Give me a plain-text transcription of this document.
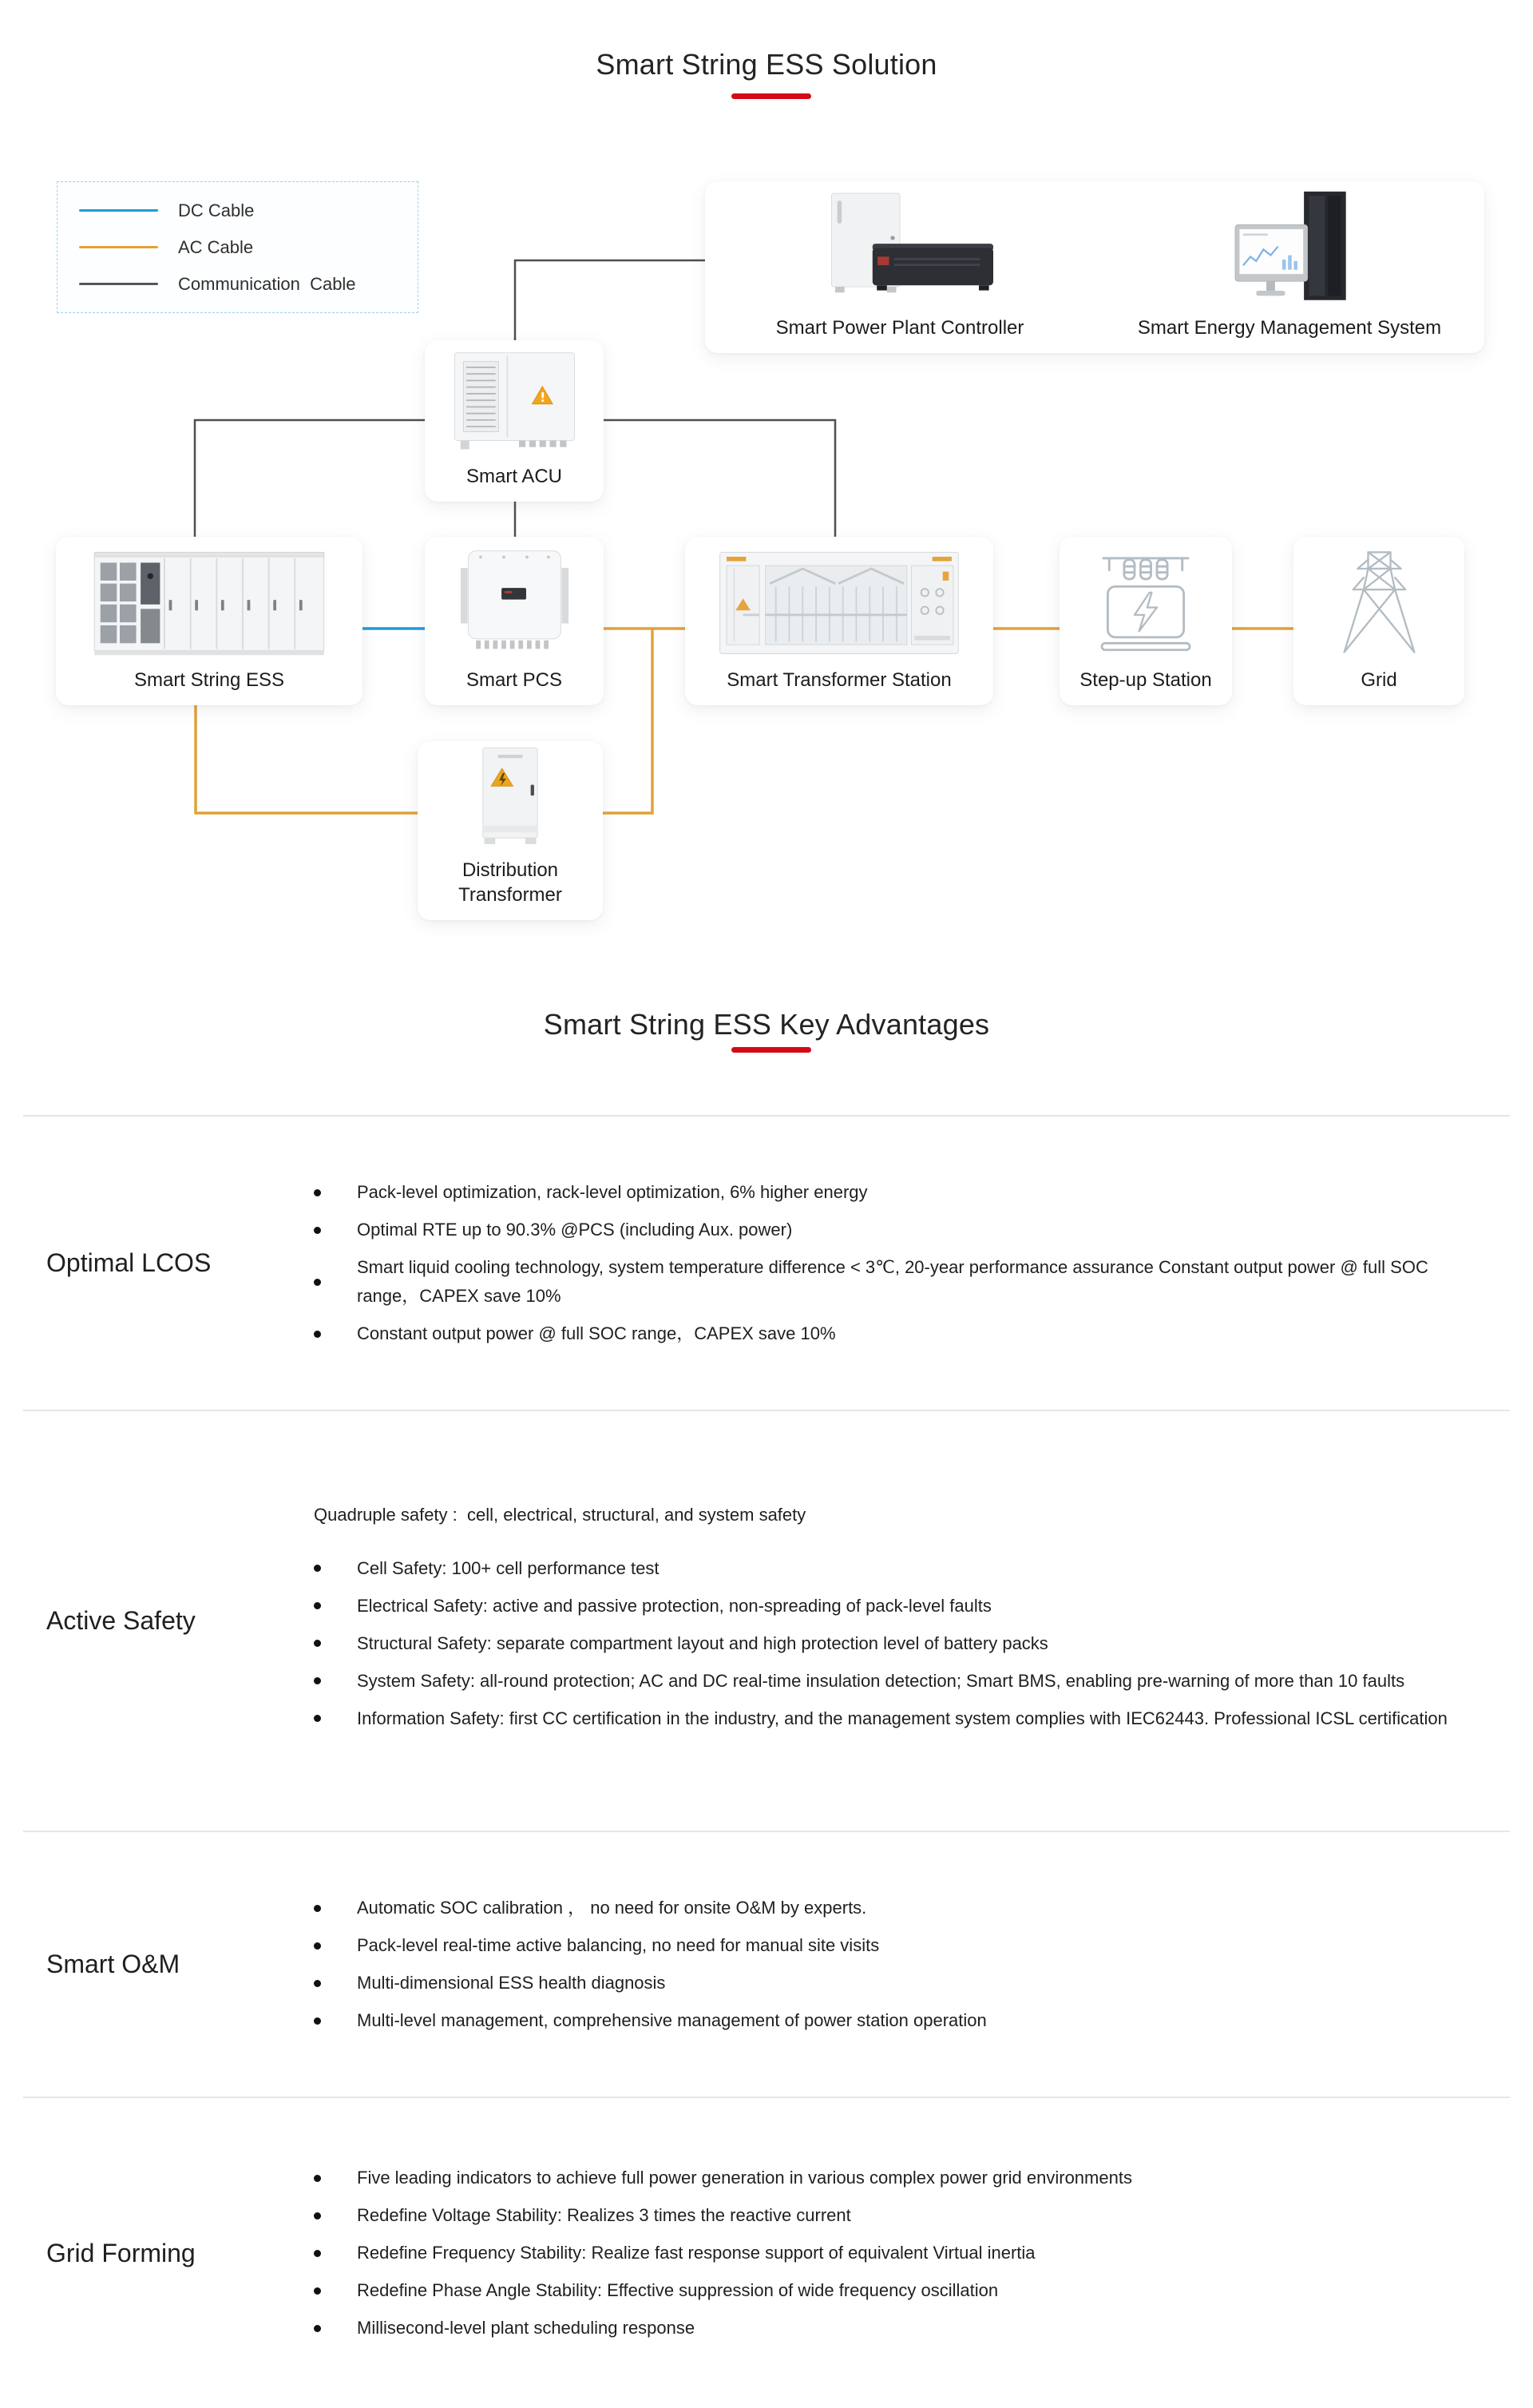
Smart String ESS Solution
DC Cable
AC Cable
Communication  Cable
Smart Power Plant Controller	Smart Energy Management System
Smart ACU
Smart String ESS	Smart PCS	Smart Transformer Station	Step-up Station	Grid
Distribution Transformer
Smart String ESS Key Advantages
Optimal LCOS
Pack-level optimization, rack-level optimization, 6% higher energy
Optimal RTE up to 90.3% @PCS (including Aux. power)
Smart liquid cooling technology, system temperature difference < 3℃, 20-year performance assurance Constant output power @ full SOC range，CAPEX save 10%
Constant output power @ full SOC range，CAPEX save 10%
Active Safety

Quadruple safety :  cell, electrical, structural, and system safety

Cell Safety: 100+ cell performance test
Electrical Safety: active and passive protection, non-spreading of pack-level faults
Structural Safety: separate compartment layout and high protection level of battery packs
System Safety: all-round protection; AC and DC real-time insulation detection; Smart BMS, enabling pre-warning of more than 10 faults
Information Safety: first CC certification in the industry, and the management system complies with IEC62443. Professional ICSL certification
Smart O&M
Automatic SOC calibration ， no need for onsite O&M by experts.
Pack-level real-time active balancing, no need for manual site visits
Multi-dimensional ESS health diagnosis
Multi-level management, comprehensive management of power station operation
Grid Forming
Five leading indicators to achieve full power generation in various complex power grid environments
Redefine Voltage Stability: Realizes 3 times the reactive current
Redefine Frequency Stability: Realize fast response support of equivalent Virtual inertia
Redefine Phase Angle Stability: Effective suppression of wide frequency oscillation
Millisecond-level plant scheduling response
